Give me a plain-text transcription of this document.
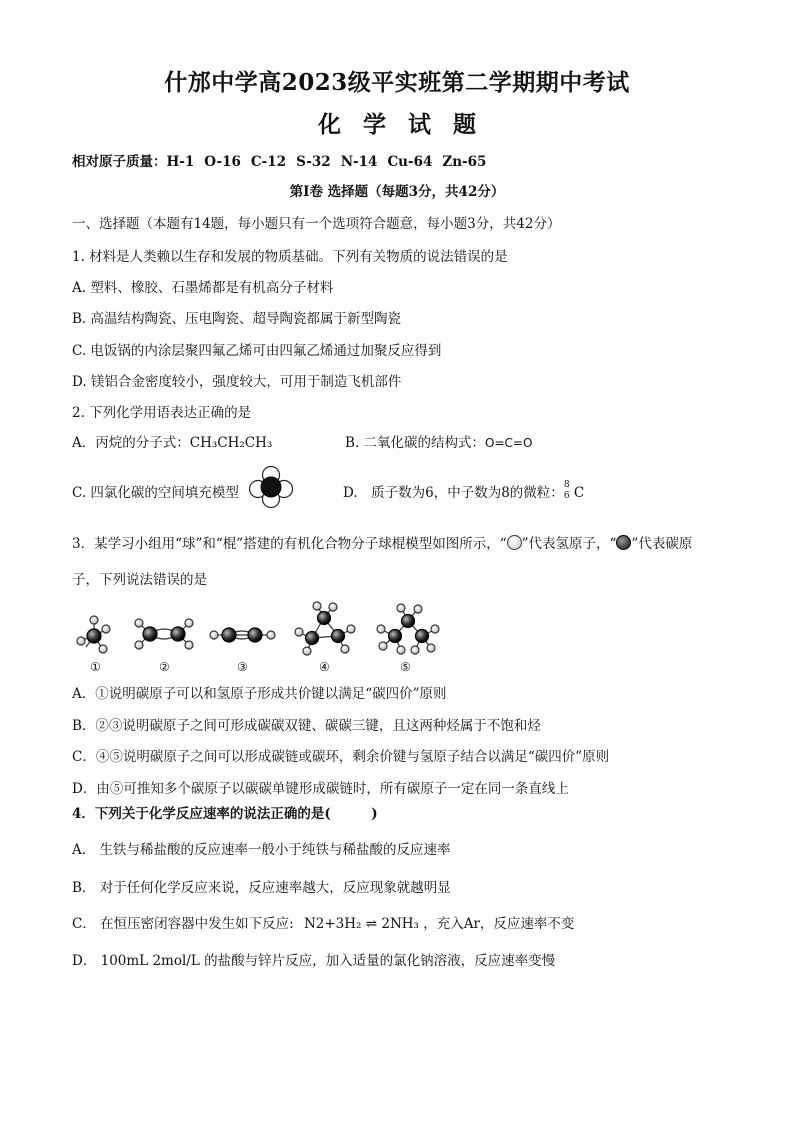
什邡中学高2023级平实班第二学期期中考试
化学试题
相对原子质量：H-1 O-16 C-12 S-32 N-14 Cu-64 Zn-65
第Ⅰ卷 选择题（每题3分，共42分）
一、选择题（本题有14题，每小题只有一个选项符合题意，每小题3分，共42分）
1. 材料是人类赖以生存和发展的物质基础。下列有关物质的说法错误的是
A. 塑料、橡胶、石墨烯都是有机高分子材料
B. 高温结构陶瓷、压电陶瓷、超导陶瓷都属于新型陶瓷
C. 电饭锅的内涂层聚四氟乙烯可由四氟乙烯通过加聚反应得到
D. 镁铝合金密度较小，强度较大，可用于制造飞机部件
2. 下列化学用语表达正确的是
A．丙烷的分子式：CH₃CH₂CH₃	B. 二氧化碳的结构式：O=C=O
C. 四氯化碳的空间填充模型	D.　质子数为6，中子数为8的微粒： 8
6 C
3．某学习小组用“球”和“棍”搭建的有机化合物分子球棍模型如图所示，“ ”代表氢原子，“ ”代表碳原
子，下列说法错误的是
①	②	③	④	⑤
A．①说明碳原子可以和氢原子形成共价键以满足“碳四价”原则
B．②③说明碳原子之间可形成碳碳双键、碳碳三键，且这两种烃属于不饱和烃
C．④⑤说明碳原子之间可以形成碳链或碳环，剩余价键与氢原子结合以满足“碳四价”原则
D．由⑤可推知多个碳原子以碳碳单键形成碳链时，所有碳原子一定在同一条直线上
4．下列关于化学反应速率的说法正确的是(　　　)
A． 生铁与稀盐酸的反应速率一般小于纯铁与稀盐酸的反应速率
B． 对于任何化学反应来说，反应速率越大，反应现象就越明显
C． 在恒压密闭容器中发生如下反应: N2+3H₂ ⇌ 2NH₃ ，充入Ar，反应速率不变
D． 100mL 2mol/L 的盐酸与锌片反应，加入适量的氯化钠溶液，反应速率变慢
